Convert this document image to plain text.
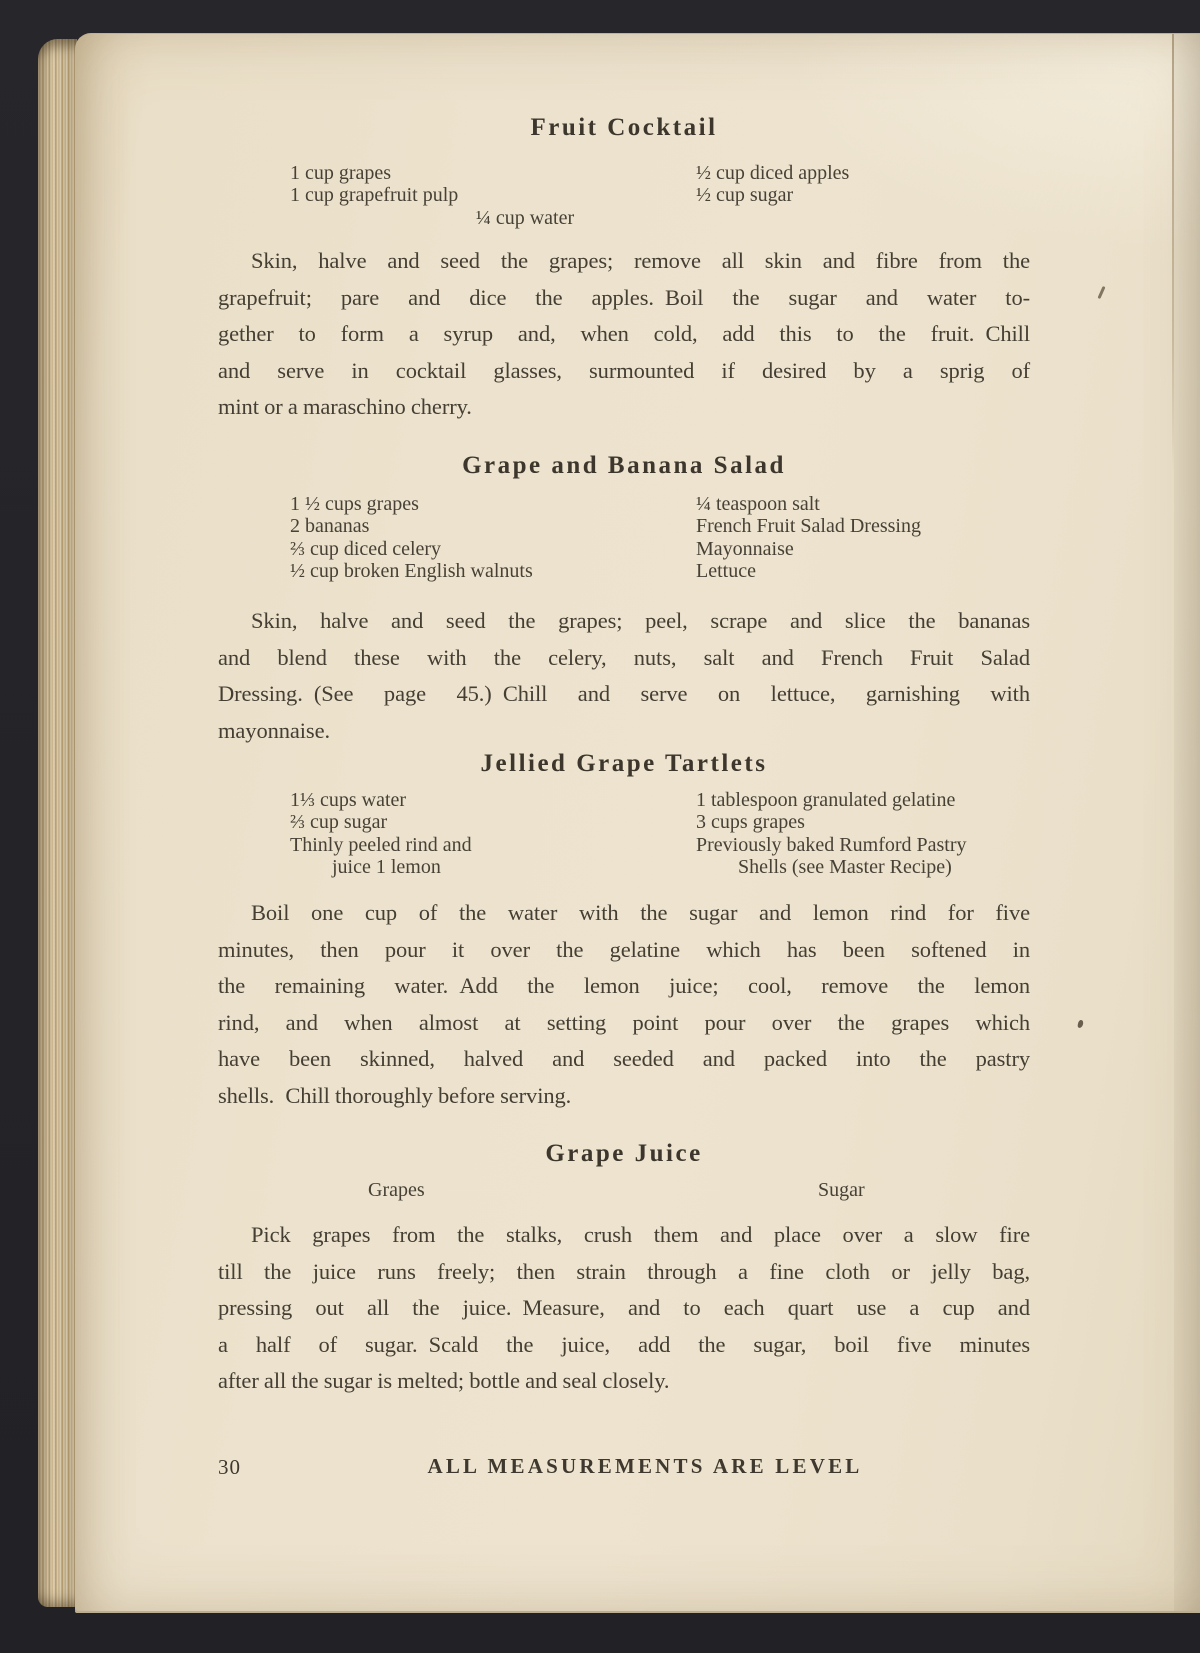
Fruit Cocktail
1 cup grapes
1 cup grapefruit pulp
½ cup diced apples
½ cup sugar
¼ cup water
Skin, halve and seed the grapes; remove all skin and fibre from the
grapefruit; pare and dice the apples. Boil the sugar and water to-
gether to form a syrup and, when cold, add this to the fruit. Chill
and serve in cocktail glasses, surmounted if desired by a sprig of
mint or a maraschino cherry.
Grape and Banana Salad
1 ½ cups grapes
2 bananas
⅔ cup diced celery
½ cup broken English walnuts
¼ teaspoon salt
French Fruit Salad Dressing
Mayonnaise
Lettuce
Skin, halve and seed the grapes; peel, scrape and slice the bananas
and blend these with the celery, nuts, salt and French Fruit Salad
Dressing. (See page 45.) Chill and serve on lettuce, garnishing with
mayonnaise.
Jellied Grape Tartlets
1⅓ cups water
⅔ cup sugar
Thinly peeled rind and
juice 1 lemon
1 tablespoon granulated gelatine
3 cups grapes
Previously baked Rumford Pastry
Shells (see Master Recipe)
Boil one cup of the water with the sugar and lemon rind for five
minutes, then pour it over the gelatine which has been softened in
the remaining water. Add the lemon juice; cool, remove the lemon
rind, and when almost at setting point pour over the grapes which
have been skinned, halved and seeded and packed into the pastry
shells. Chill thoroughly before serving.
Grape Juice
Grapes	Sugar
Pick grapes from the stalks, crush them and place over a slow fire
till the juice runs freely; then strain through a fine cloth or jelly bag,
pressing out all the juice. Measure, and to each quart use a cup and
a half of sugar. Scald the juice, add the sugar, boil five minutes
after all the sugar is melted; bottle and seal closely.
30	ALL MEASUREMENTS ARE LEVEL
